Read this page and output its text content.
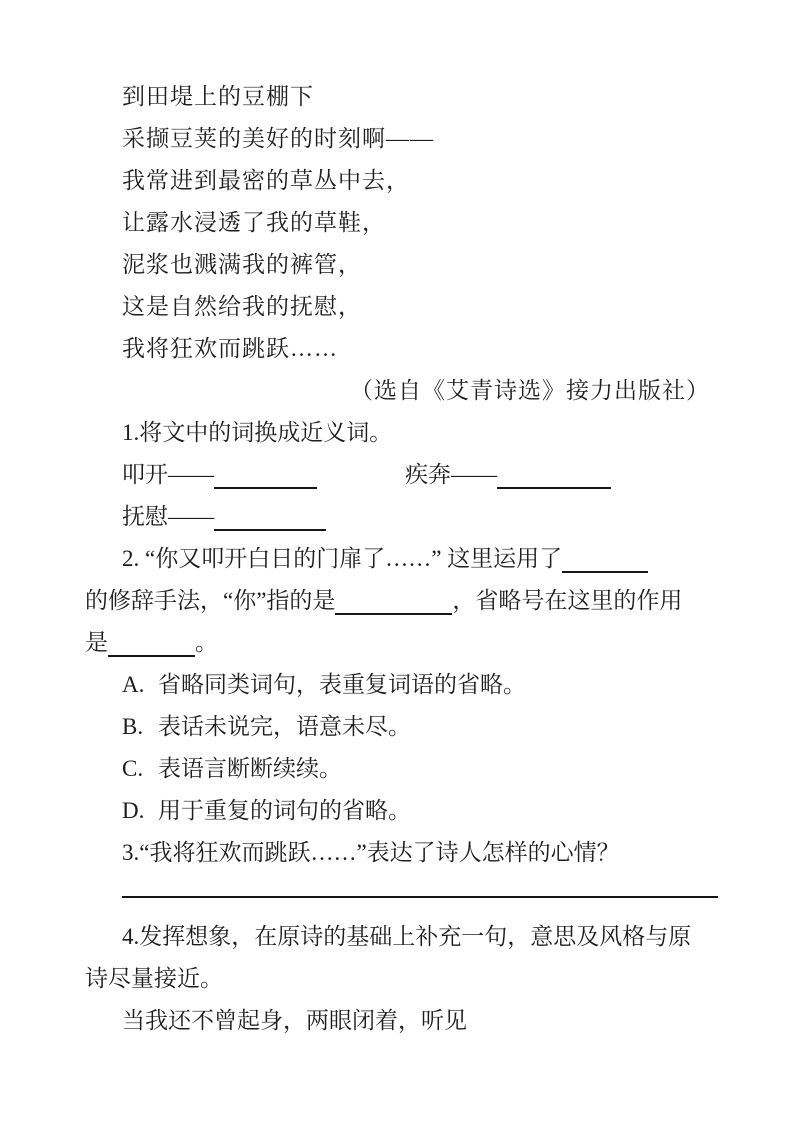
到田堤上的豆棚下
采撷豆荚的美好的时刻啊——
我常进到最密的草丛中去，
让露水浸透了我的草鞋，
泥浆也溅满我的裤管，
这是自然给我的抚慰，
我将狂欢而跳跃……
（选自《艾青诗选》接力出版社）
1.将文中的词换成近义词。
叩开——	疾奔——
抚慰——
2. “你又叩开白日的门扉了……” 这里运用了
的修辞手法，“你”指的是	，省略号在这里的作用
是	。
A. 省略同类词句，表重复词语的省略。
B. 表话未说完，语意未尽。
C. 表语言断断续续。
D. 用于重复的词句的省略。
3.“我将狂欢而跳跃……”表达了诗人怎样的心情？
4.发挥想象，在原诗的基础上补充一句，意思及风格与原
诗尽量接近。
当我还不曾起身，两眼闭着，听见
